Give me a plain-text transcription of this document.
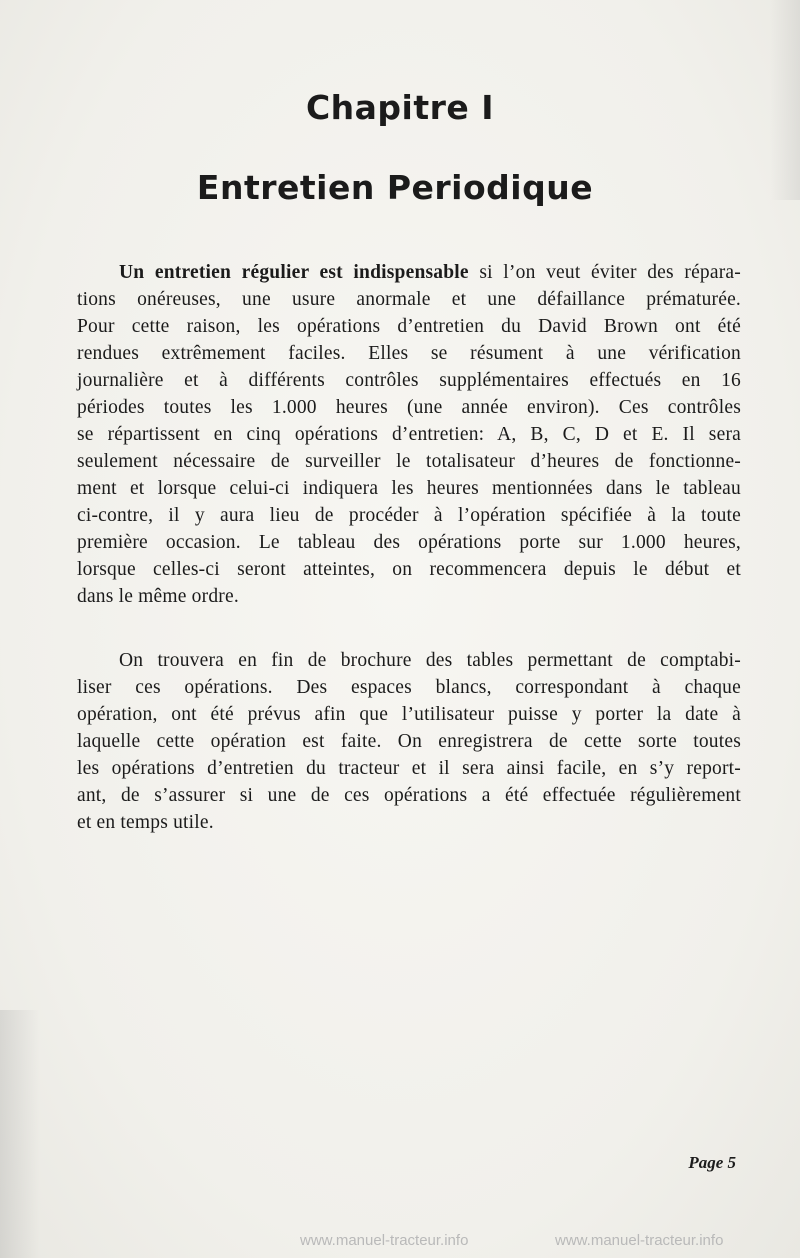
Chapitre I
Entretien Periodique
Un entretien régulier est indispensable si l’on veut éviter des répara-
tions onéreuses, une usure anormale et une défaillance prématurée.
Pour cette raison, les opérations d’entretien du David Brown ont été
rendues extrêmement faciles. Elles se résument à une vérification
journalière et à différents contrôles supplémentaires effectués en 16
périodes toutes les 1.000 heures (une année environ). Ces contrôles
se répartissent en cinq opérations d’entretien: A, B, C, D et E. Il sera
seulement nécessaire de surveiller le totalisateur d’heures de fonctionne-
ment et lorsque celui-ci indiquera les heures mentionnées dans le tableau
ci-contre, il y aura lieu de procéder à l’opération spécifiée à la toute
première occasion. Le tableau des opérations porte sur 1.000 heures,
lorsque celles-ci seront atteintes, on recommencera depuis le début et
dans le même ordre.
On trouvera en fin de brochure des tables permettant de comptabi-
liser ces opérations. Des espaces blancs, correspondant à chaque
opération, ont été prévus afin que l’utilisateur puisse y porter la date à
laquelle cette opération est faite. On enregistrera de cette sorte toutes
les opérations d’entretien du tracteur et il sera ainsi facile, en s’y report-
ant, de s’assurer si une de ces opérations a été effectuée régulièrement
et en temps utile.

Page 5

www.manuel-tracteur.info	www.manuel-tracteur.info
